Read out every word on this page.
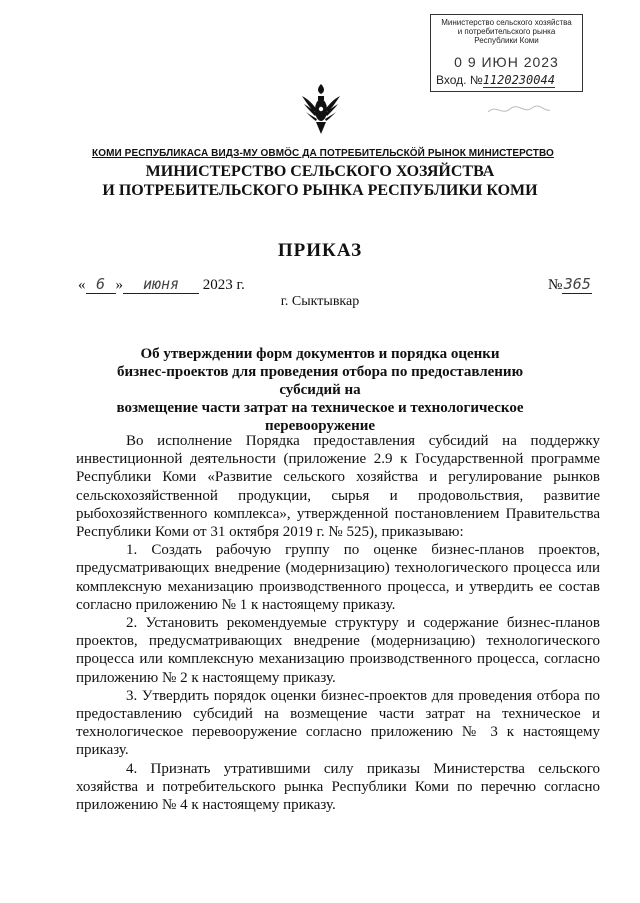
Министерство сельского хозяйства
и потребительского рынка
Республики Коми
0 9 ИЮН 2023
Вход. №1120230044
КОМИ РЕСПУБЛИКАСА ВИДЗ-МУ ОВМÖС ДА ПОТРЕБИТЕЛЬСКÖЙ РЫНОК МИНИСТЕРСТВО
МИНИСТЕРСТВО СЕЛЬСКОГО ХОЗЯЙСТВА
И ПОТРЕБИТЕЛЬСКОГО РЫНКА РЕСПУБЛИКИ КОМИ
ПРИКАЗ
« 6 » июня 2023 г.	№365
г. Сыктывкар
Об утверждении форм документов и порядка оценки
бизнес-проектов для проведения отбора по предоставлению субсидий на
возмещение части затрат на техническое и технологическое
перевооружение

Во исполнение Порядка предоставления субсидий на поддержку инвестиционной деятельности (приложение 2.9 к Государственной программе Республики Коми «Развитие сельского хозяйства и регулирование рынков сельскохозяйственной продукции, сырья и продовольствия, развитие рыбохозяйственного комплекса», утвержденной постановлением Правительства Республики Коми от 31 октября 2019 г. № 525), приказываю:

1. Создать рабочую группу по оценке бизнес-планов проектов, предусматривающих внедрение (модернизацию) технологического процесса или комплексную механизацию производственного процесса, и утвердить ее состав согласно приложению № 1 к настоящему приказу.

2. Установить рекомендуемые структуру и содержание бизнес-планов проектов, предусматривающих внедрение (модернизацию) технологического процесса или комплексную механизацию производственного процесса, согласно приложению № 2 к настоящему приказу.

3. Утвердить порядок оценки бизнес-проектов для проведения отбора по предоставлению субсидий на возмещение части затрат на техническое и технологическое перевооружение согласно приложению № 3 к настоящему приказу.

4. Признать утратившими силу приказы Министерства сельского хозяйства и потребительского рынка Республики Коми по перечню согласно приложению № 4 к настоящему приказу.
